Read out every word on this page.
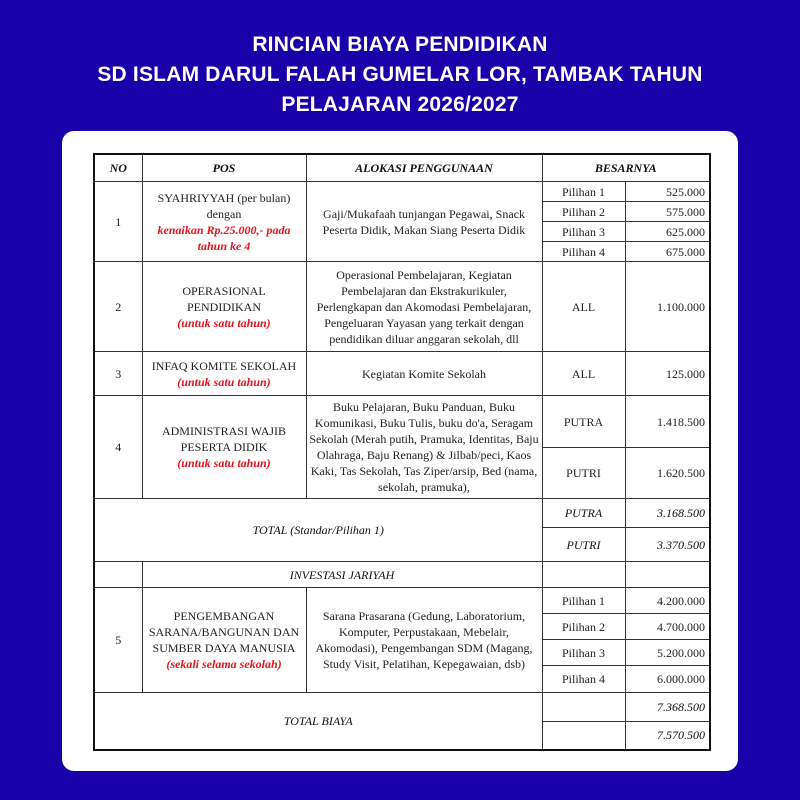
RINCIAN BIAYA PENDIDIKAN
SD ISLAM DARUL FALAH GUMELAR LOR, TAMBAK TAHUN
PELAJARAN 2026/2027
NO	POS	ALOKASI PENGGUNAAN	BESARNYA	
1	SYAHRIYYAH (per bulan)
dengan
kenaikan Rp.25.000,- pada tahun ke 4	Gaji/Mukafaah tunjangan Pegawai, Snack Peserta Didik, Makan Siang Peserta Didik	Pilihan 1	525.000
			Pilihan 2	575.000
			Pilihan 3	625.000
			Pilihan 4	675.000
2	OPERASIONAL PENDIDIKAN
(untuk satu tahun)	Operasional Pembelajaran, Kegiatan Pembelajaran dan Ekstrakurikuler, Perlengkapan dan Akomodasi Pembelajaran, Pengeluaran Yayasan yang terkait dengan pendidikan diluar anggaran sekolah, dll	ALL	1.100.000
3	INFAQ KOMITE SEKOLAH
(untuk satu tahun)	Kegiatan Komite Sekolah	ALL	125.000
4	ADMINISTRASI WAJIB PESERTA DIDIK
(untuk satu tahun)	Buku Pelajaran, Buku Panduan, Buku Komunikasi, Buku Tulis, buku do'a, Seragam Sekolah (Merah putih, Pramuka, Identitas, Baju Olahraga, Baju Renang) & Jilbab/peci, Kaos Kaki, Tas Sekolah, Tas Ziper/arsip, Bed (nama, sekolah, pramuka),	PUTRA	1.418.500
			PUTRI	1.620.500
TOTAL (Standar/Pilihan 1)			PUTRA	3.168.500
			PUTRI	3.370.500
	INVESTASI JARIYAH			
5	PENGEMBANGAN SARANA/BANGUNAN DAN SUMBER DAYA MANUSIA
(sekali selama sekolah)	Sarana Prasarana (Gedung, Laboratorium, Komputer, Perpustakaan, Mebelair, Akomodasi), Pengembangan SDM (Magang, Study Visit, Pelatihan, Kepegawaian, dsb)	Pilihan 1	4.200.000
			Pilihan 2	4.700.000
			Pilihan 3	5.200.000
			Pilihan 4	6.000.000
TOTAL BIAYA				7.368.500
				7.570.500
